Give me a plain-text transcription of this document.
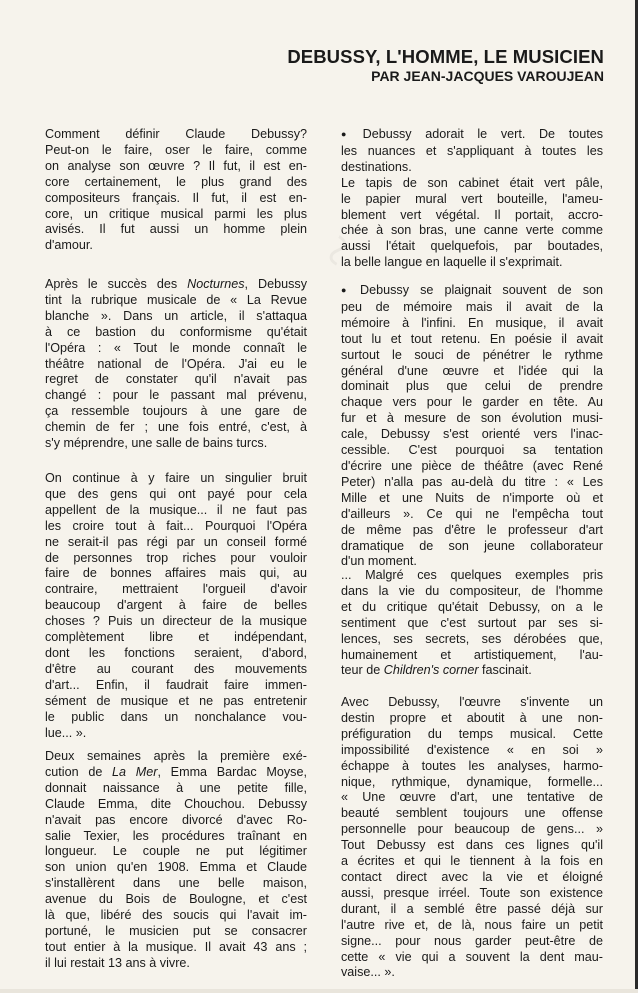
DEBUSSY, L'HOMME, LE MUSICIEN
PAR JEAN-JACQUES VAROUJEAN

Comment définir Claude Debussy?
Peut-on le faire, oser le faire, comme
on analyse son œuvre ? Il fut, il est en-
core certainement, le plus grand des
compositeurs français. Il fut, il est en-
core, un critique musical parmi les plus
avisés. Il fut aussi un homme plein
d'amour.

Après le succès des Nocturnes, Debussy
tint la rubrique musicale de « La Revue
blanche ». Dans un article, il s'attaqua
à ce bastion du conformisme qu'était
l'Opéra : « Tout le monde connaît le
théâtre national de l'Opéra. J'ai eu le
regret de constater qu'il n'avait pas
changé : pour le passant mal prévenu,
ça ressemble toujours à une gare de
chemin de fer ; une fois entré, c'est, à
s'y méprendre, une salle de bains turcs.

On continue à y faire un singulier bruit
que des gens qui ont payé pour cela
appellent de la musique... il ne faut pas
les croire tout à fait... Pourquoi l'Opéra
ne serait-il pas régi par un conseil formé
de personnes trop riches pour vouloir
faire de bonnes affaires mais qui, au
contraire, mettraient l'orgueil d'avoir
beaucoup d'argent à faire de belles
choses ? Puis un directeur de la musique
complètement libre et indépendant,
dont les fonctions seraient, d'abord,
d'être au courant des mouvements
d'art... Enfin, il faudrait faire immen-
sément de musique et ne pas entretenir
le public dans un nonchalance vou-
lue... ».

Deux semaines après la première exé-
cution de La Mer, Emma Bardac Moyse,
donnait naissance à une petite fille,
Claude Emma, dite Chouchou. Debussy
n'avait pas encore divorcé d'avec Ro-
salie Texier, les procédures traînant en
longueur. Le couple ne put légitimer
son union qu'en 1908. Emma et Claude
s'installèrent dans une belle maison,
avenue du Bois de Boulogne, et c'est
là que, libéré des soucis qui l'avait im-
portuné, le musicien put se consacrer
tout entier à la musique. Il avait 43 ans ;
il lui restait 13 ans à vivre.

● Debussy adorait le vert. De toutes
les nuances et s'appliquant à toutes les
destinations.
Le tapis de son cabinet était vert pâle,
le papier mural vert bouteille, l'ameu-
blement vert végétal. Il portait, accro-
chée à son bras, une canne verte comme
aussi l'était quelquefois, par boutades,
la belle langue en laquelle il s'exprimait.

● Debussy se plaignait souvent de son
peu de mémoire mais il avait de la
mémoire à l'infini. En musique, il avait
tout lu et tout retenu. En poésie il avait
surtout le souci de pénétrer le rythme
général d'une œuvre et l'idée qui la
dominait plus que celui de prendre
chaque vers pour le garder en tête. Au
fur et à mesure de son évolution musi-
cale, Debussy s'est orienté vers l'inac-
cessible. C'est pourquoi sa tentation
d'écrire une pièce de théâtre (avec René
Peter) n'alla pas au-delà du titre : « Les
Mille et une Nuits de n'importe où et
d'ailleurs ». Ce qui ne l'empêcha tout
de même pas d'être le professeur d'art
dramatique de son jeune collaborateur
d'un moment.

... Malgré ces quelques exemples pris
dans la vie du compositeur, de l'homme
et du critique qu'était Debussy, on a le
sentiment que c'est surtout par ses si-
lences, ses secrets, ses dérobées que,
humainement et artistiquement, l'au-
teur de Children's corner fascinait.

Avec Debussy, l'œuvre s'invente un
destin propre et aboutit à une non-
préfiguration du temps musical. Cette
impossibilité d'existence « en soi »
échappe à toutes les analyses, harmo-
nique, rythmique, dynamique, formelle...
« Une œuvre d'art, une tentative de
beauté semblent toujours une offense
personnelle pour beaucoup de gens... »
Tout Debussy est dans ces lignes qu'il
a écrites et qui le tiennent à la fois en
contact direct avec la vie et éloigné
aussi, presque irréel. Toute son existence
durant, il a semblé être passé déjà sur
l'autre rive et, de là, nous faire un petit
signe... pour nous garder peut-être de
cette « vie qui a souvent la dent mau-
vaise... ».
